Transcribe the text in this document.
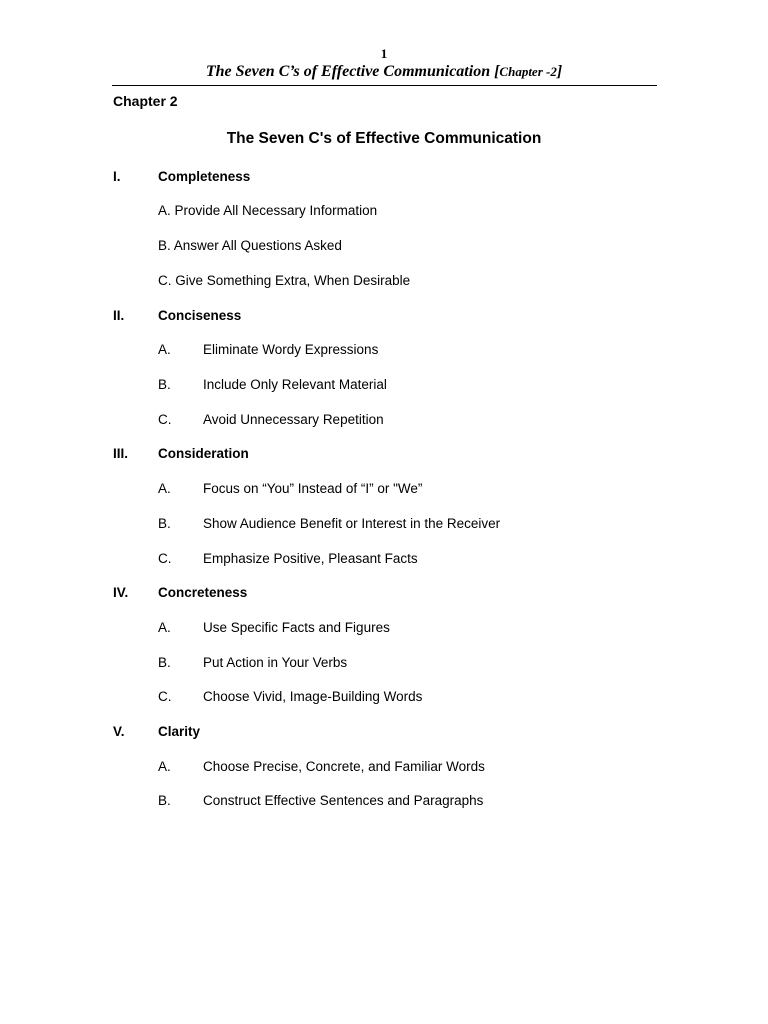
1
The Seven C’s of Effective Communication [Chapter -2]
Chapter 2
The Seven C's of Effective Communication
I.	Completeness
A. Provide All Necessary Information
B. Answer All Questions Asked
C. Give Something Extra, When Desirable
II. Conciseness
A. Eliminate Wordy Expressions
B. Include Only Relevant Material
C. Avoid Unnecessary Repetition
III. Consideration
A. Focus on “You” Instead of “I” or "We”
B. Show Audience Benefit or Interest in the Receiver
C. Emphasize Positive, Pleasant Facts
IV. Concreteness
A. Use Specific Facts and Figures
B. Put Action in Your Verbs
C. Choose Vivid, Image-Building Words
V. Clarity
A. Choose Precise, Concrete, and Familiar Words
B. Construct Effective Sentences and Paragraphs
